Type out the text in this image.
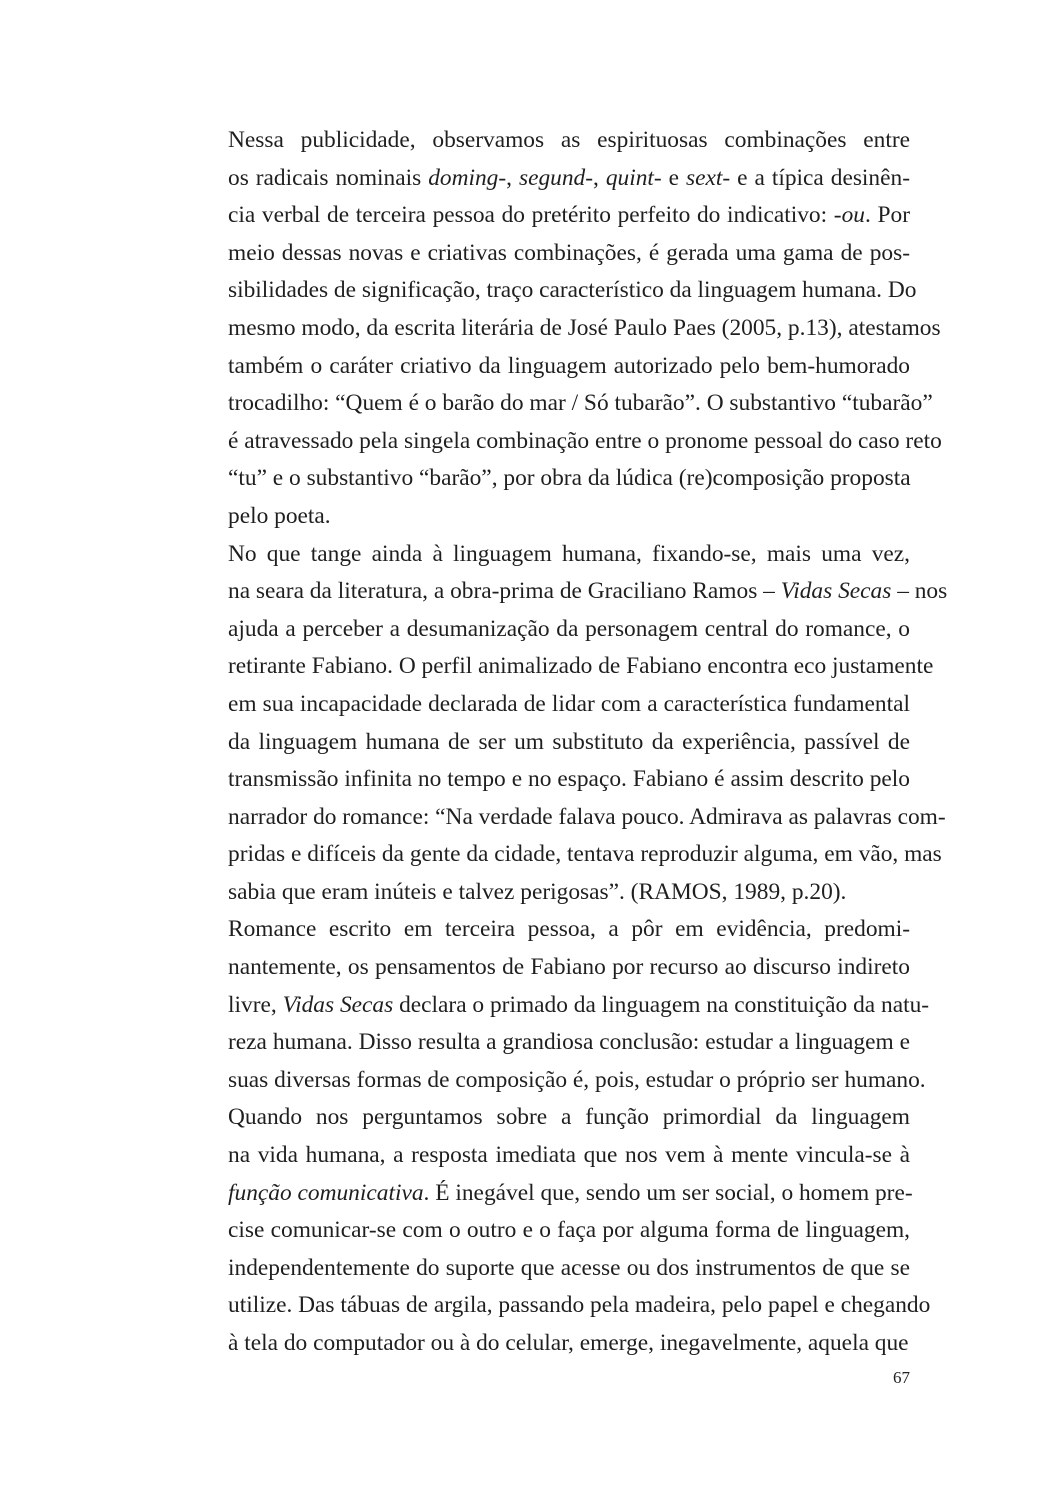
Nessa publicidade, observamos as espirituosas combinações entre
os radicais nominais doming-, segund-, quint- e sext- e a típica desinên-
cia verbal de terceira pessoa do pretérito perfeito do indicativo: -ou. Por
meio dessas novas e criativas combinações, é gerada uma gama de pos-
sibilidades de significação, traço característico da linguagem humana. Do
mesmo modo, da escrita literária de José Paulo Paes (2005, p.13), atestamos
também o caráter criativo da linguagem autorizado pelo bem-humorado
trocadilho: “Quem é o barão do mar / Só tubarão”. O substantivo “tubarão”
é atravessado pela singela combinação entre o pronome pessoal do caso reto
“tu” e o substantivo “barão”, por obra da lúdica (re)composição proposta
pelo poeta.

No que tange ainda à linguagem humana, fixando-se, mais uma vez,
na seara da literatura, a obra-prima de Graciliano Ramos – Vidas Secas – nos
ajuda a perceber a desumanização da personagem central do romance, o
retirante Fabiano. O perfil animalizado de Fabiano encontra eco justamente
em sua incapacidade declarada de lidar com a característica fundamental
da linguagem humana de ser um substituto da experiência, passível de
transmissão infinita no tempo e no espaço. Fabiano é assim descrito pelo
narrador do romance: “Na verdade falava pouco. Admirava as palavras com-
pridas e difíceis da gente da cidade, tentava reproduzir alguma, em vão, mas
sabia que eram inúteis e talvez perigosas”. (RAMOS, 1989, p.20).

Romance escrito em terceira pessoa, a pôr em evidência, predomi-
nantemente, os pensamentos de Fabiano por recurso ao discurso indireto
livre, Vidas Secas declara o primado da linguagem na constituição da natu-
reza humana. Disso resulta a grandiosa conclusão: estudar a linguagem e
suas diversas formas de composição é, pois, estudar o próprio ser humano.

Quando nos perguntamos sobre a função primordial da linguagem
na vida humana, a resposta imediata que nos vem à mente vincula-se à
função comunicativa. É inegável que, sendo um ser social, o homem pre-
cise comunicar-se com o outro e o faça por alguma forma de linguagem,
independentemente do suporte que acesse ou dos instrumentos de que se
utilize. Das tábuas de argila, passando pela madeira, pelo papel e chegando
à tela do computador ou à do celular, emerge, inegavelmente, aquela que

67
